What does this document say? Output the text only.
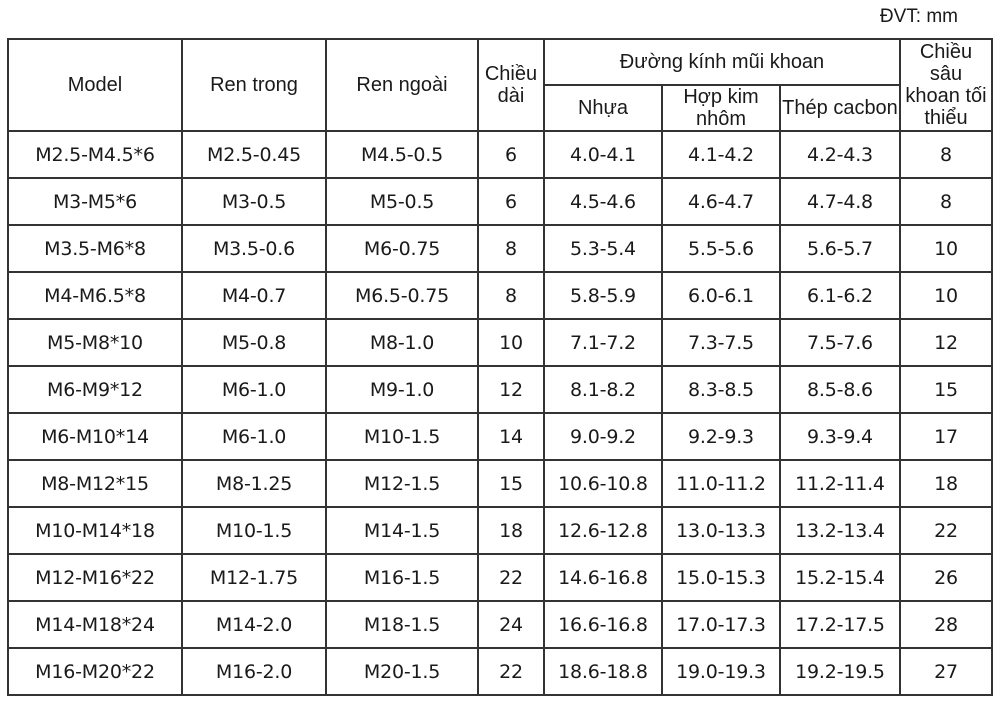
ĐVT: mm
Model	Ren trong	Ren ngoài	Chiều dài	Đường kính mũi khoan			Chiều sâu khoan tối thiểu
				Nhựa	Hợp kim nhôm	Thép cacbon	
M2.5-M4.5*6	M2.5-0.45	M4.5-0.5	6	4.0-4.1	4.1-4.2	4.2-4.3	8
M3-M5*6	M3-0.5	M5-0.5	6	4.5-4.6	4.6-4.7	4.7-4.8	8
M3.5-M6*8	M3.5-0.6	M6-0.75	8	5.3-5.4	5.5-5.6	5.6-5.7	10
M4-M6.5*8	M4-0.7	M6.5-0.75	8	5.8-5.9	6.0-6.1	6.1-6.2	10
M5-M8*10	M5-0.8	M8-1.0	10	7.1-7.2	7.3-7.5	7.5-7.6	12
M6-M9*12	M6-1.0	M9-1.0	12	8.1-8.2	8.3-8.5	8.5-8.6	15
M6-M10*14	M6-1.0	M10-1.5	14	9.0-9.2	9.2-9.3	9.3-9.4	17
M8-M12*15	M8-1.25	M12-1.5	15	10.6-10.8	11.0-11.2	11.2-11.4	18
M10-M14*18	M10-1.5	M14-1.5	18	12.6-12.8	13.0-13.3	13.2-13.4	22
M12-M16*22	M12-1.75	M16-1.5	22	14.6-16.8	15.0-15.3	15.2-15.4	26
M14-M18*24	M14-2.0	M18-1.5	24	16.6-16.8	17.0-17.3	17.2-17.5	28
M16-M20*22	M16-2.0	M20-1.5	22	18.6-18.8	19.0-19.3	19.2-19.5	27
